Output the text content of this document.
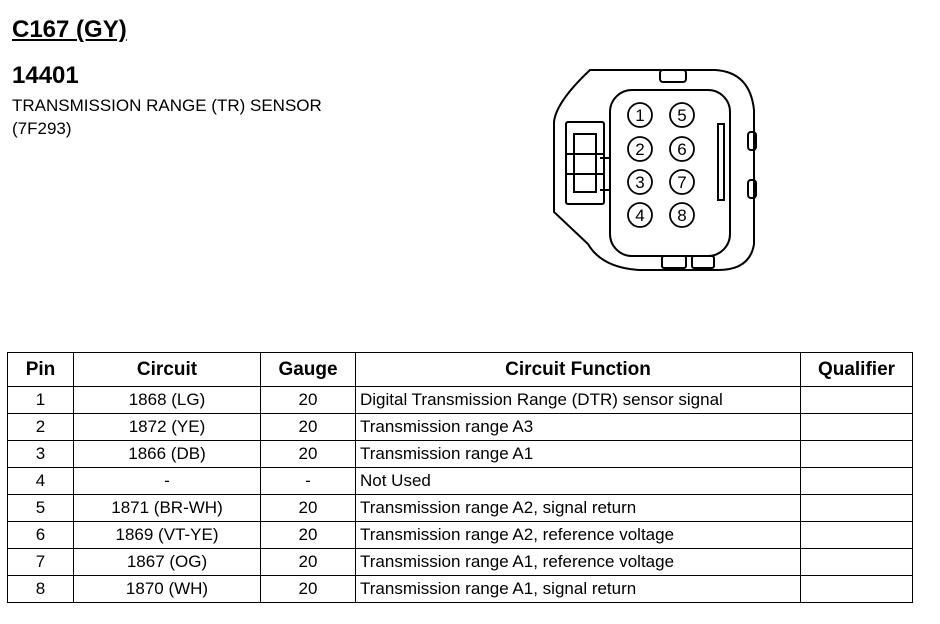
C167 (GY)
14401

TRANSMISSION RANGE (TR) SENSOR

(7F293)

1
2
3
4
5
6
7
8
Pin	Circuit	Gauge	Circuit Function	Qualifier
1	1868 (LG)	20	Digital Transmission Range (DTR) sensor signal	
2	1872 (YE)	20	Transmission range A3	
3	1866 (DB)	20	Transmission range A1	
4	-	-	Not Used	
5	1871 (BR-WH)	20	Transmission range A2, signal return	
6	1869 (VT-YE)	20	Transmission range A2, reference voltage	
7	1867 (OG)	20	Transmission range A1, reference voltage	
8	1870 (WH)	20	Transmission range A1, signal return	
